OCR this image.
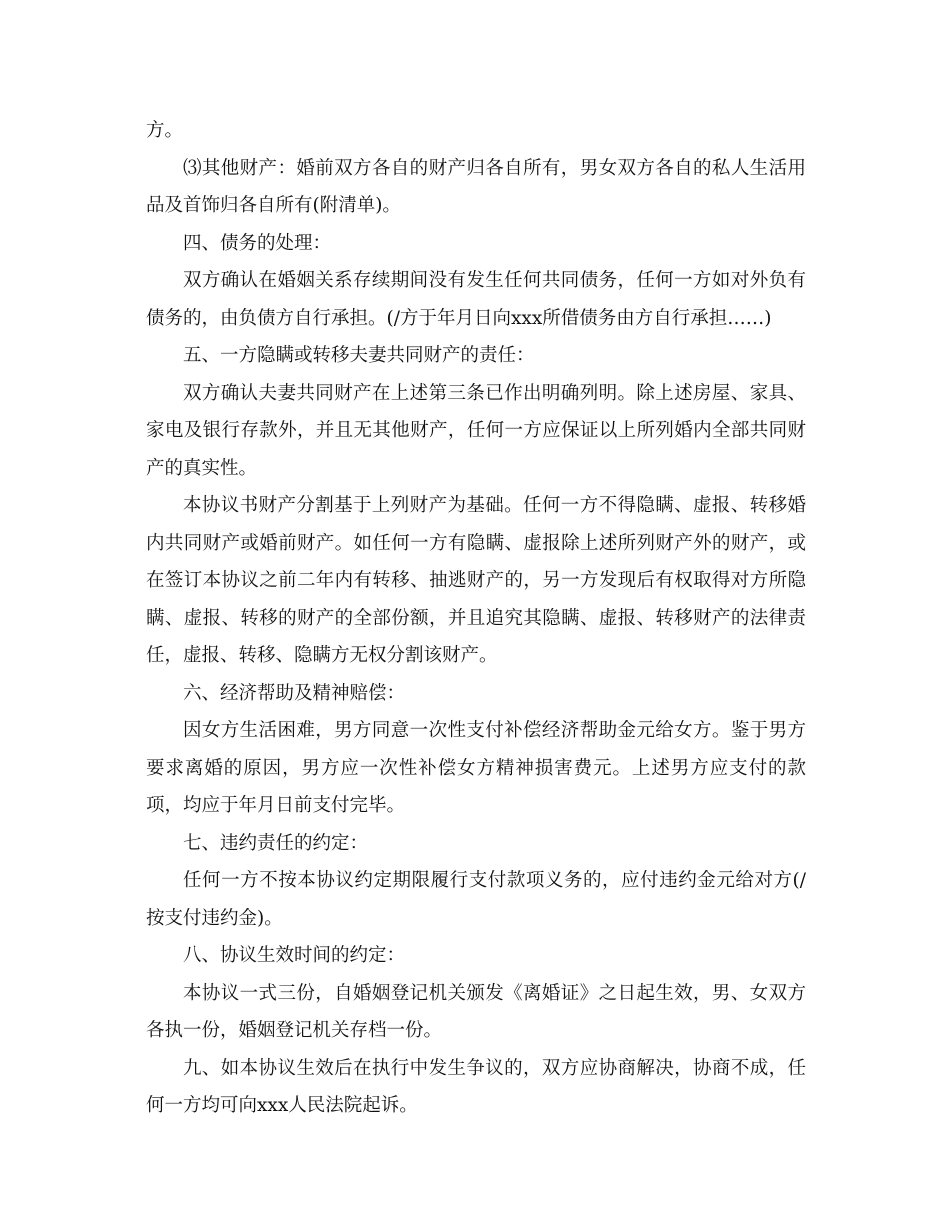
方。

⑶其他财产：婚前双方各自的财产归各自所有，男女双方各自的私人生活用品及首饰归各自所有(附清单)。

四、债务的处理：

双方确认在婚姻关系存续期间没有发生任何共同债务，任何一方如对外负有债务的，由负债方自行承担。(/方于年月日向xxx所借债务由方自行承担……)

五、一方隐瞒或转移夫妻共同财产的责任：

双方确认夫妻共同财产在上述第三条已作出明确列明。除上述房屋、家具、家电及银行存款外，并且无其他财产，任何一方应保证以上所列婚内全部共同财产的真实性。

本协议书财产分割基于上列财产为基础。任何一方不得隐瞒、虚报、转移婚内共同财产或婚前财产。如任何一方有隐瞒、虚报除上述所列财产外的财产，或在签订本协议之前二年内有转移、抽逃财产的，另一方发现后有权取得对方所隐瞒、虚报、转移的财产的全部份额，并且追究其隐瞒、虚报、转移财产的法律责任，虚报、转移、隐瞒方无权分割该财产。

六、经济帮助及精神赔偿：

因女方生活困难，男方同意一次性支付补偿经济帮助金元给女方。鉴于男方要求离婚的原因，男方应一次性补偿女方精神损害费元。上述男方应支付的款项，均应于年月日前支付完毕。

七、违约责任的约定：

任何一方不按本协议约定期限履行支付款项义务的，应付违约金元给对方(/按支付违约金)。

八、协议生效时间的约定：

本协议一式三份，自婚姻登记机关颁发《离婚证》之日起生效，男、女双方各执一份，婚姻登记机关存档一份。

九、如本协议生效后在执行中发生争议的，双方应协商解决，协商不成，任何一方均可向xxx人民法院起诉。
